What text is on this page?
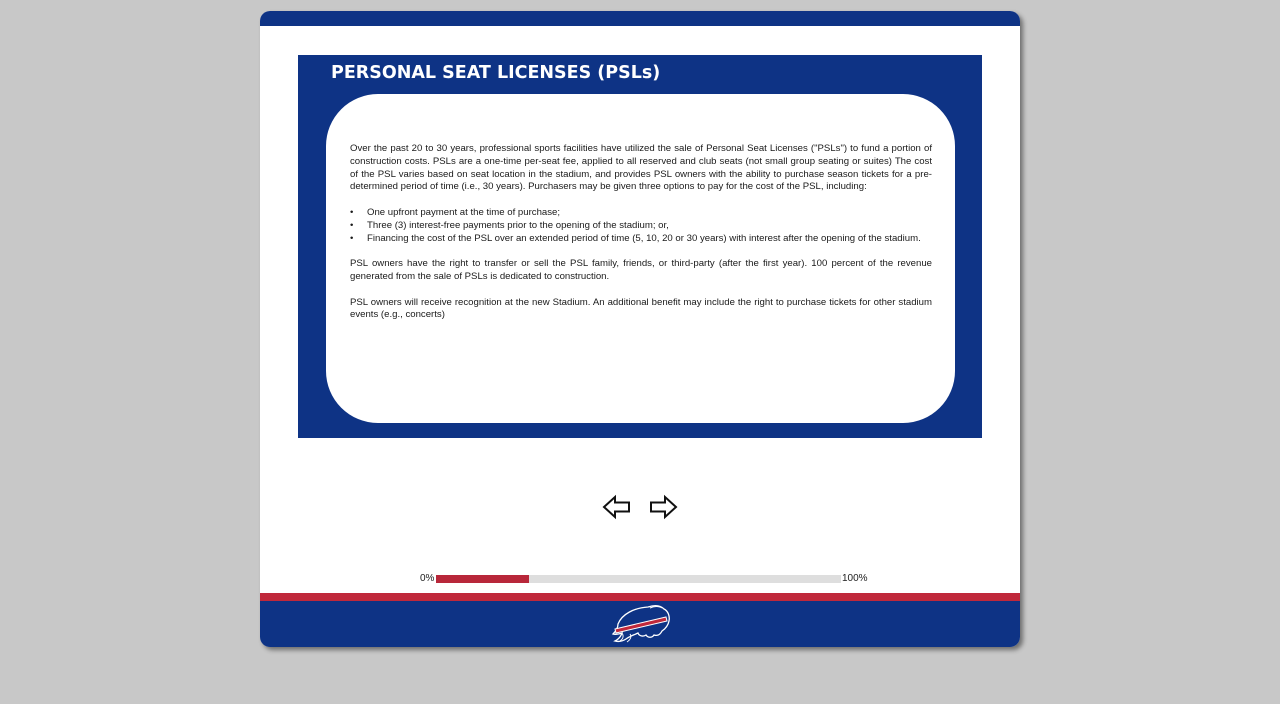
PERSONAL SEAT LICENSES (PSLs)

Over the past 20 to 30 years, professional sports facilities have utilized the sale of Personal Seat Licenses ("PSLs") to fund a portion of construction costs. PSLs are a one-time per-seat fee, applied to all reserved and club seats (not small group seating or suites) The cost of the PSL varies based on seat location in the stadium, and provides PSL owners with the ability to purchase season tickets for a pre-determined period of time (i.e., 30 years). Purchasers may be given three options to pay for the cost of the PSL, including:

• One upfront payment at the time of purchase;
• Three (3) interest-free payments prior to the opening of the stadium; or,
• Financing the cost of the PSL over an extended period of time (5, 10, 20 or 30 years) with interest after the opening of the stadium.

PSL owners have the right to transfer or sell the PSL family, friends, or third-party (after the first year). 100 percent of the revenue generated from the sale of PSLs is dedicated to construction.

PSL owners will receive recognition at the new Stadium. An additional benefit may include the right to purchase tickets for other stadium events (e.g., concerts)

0%	100%
